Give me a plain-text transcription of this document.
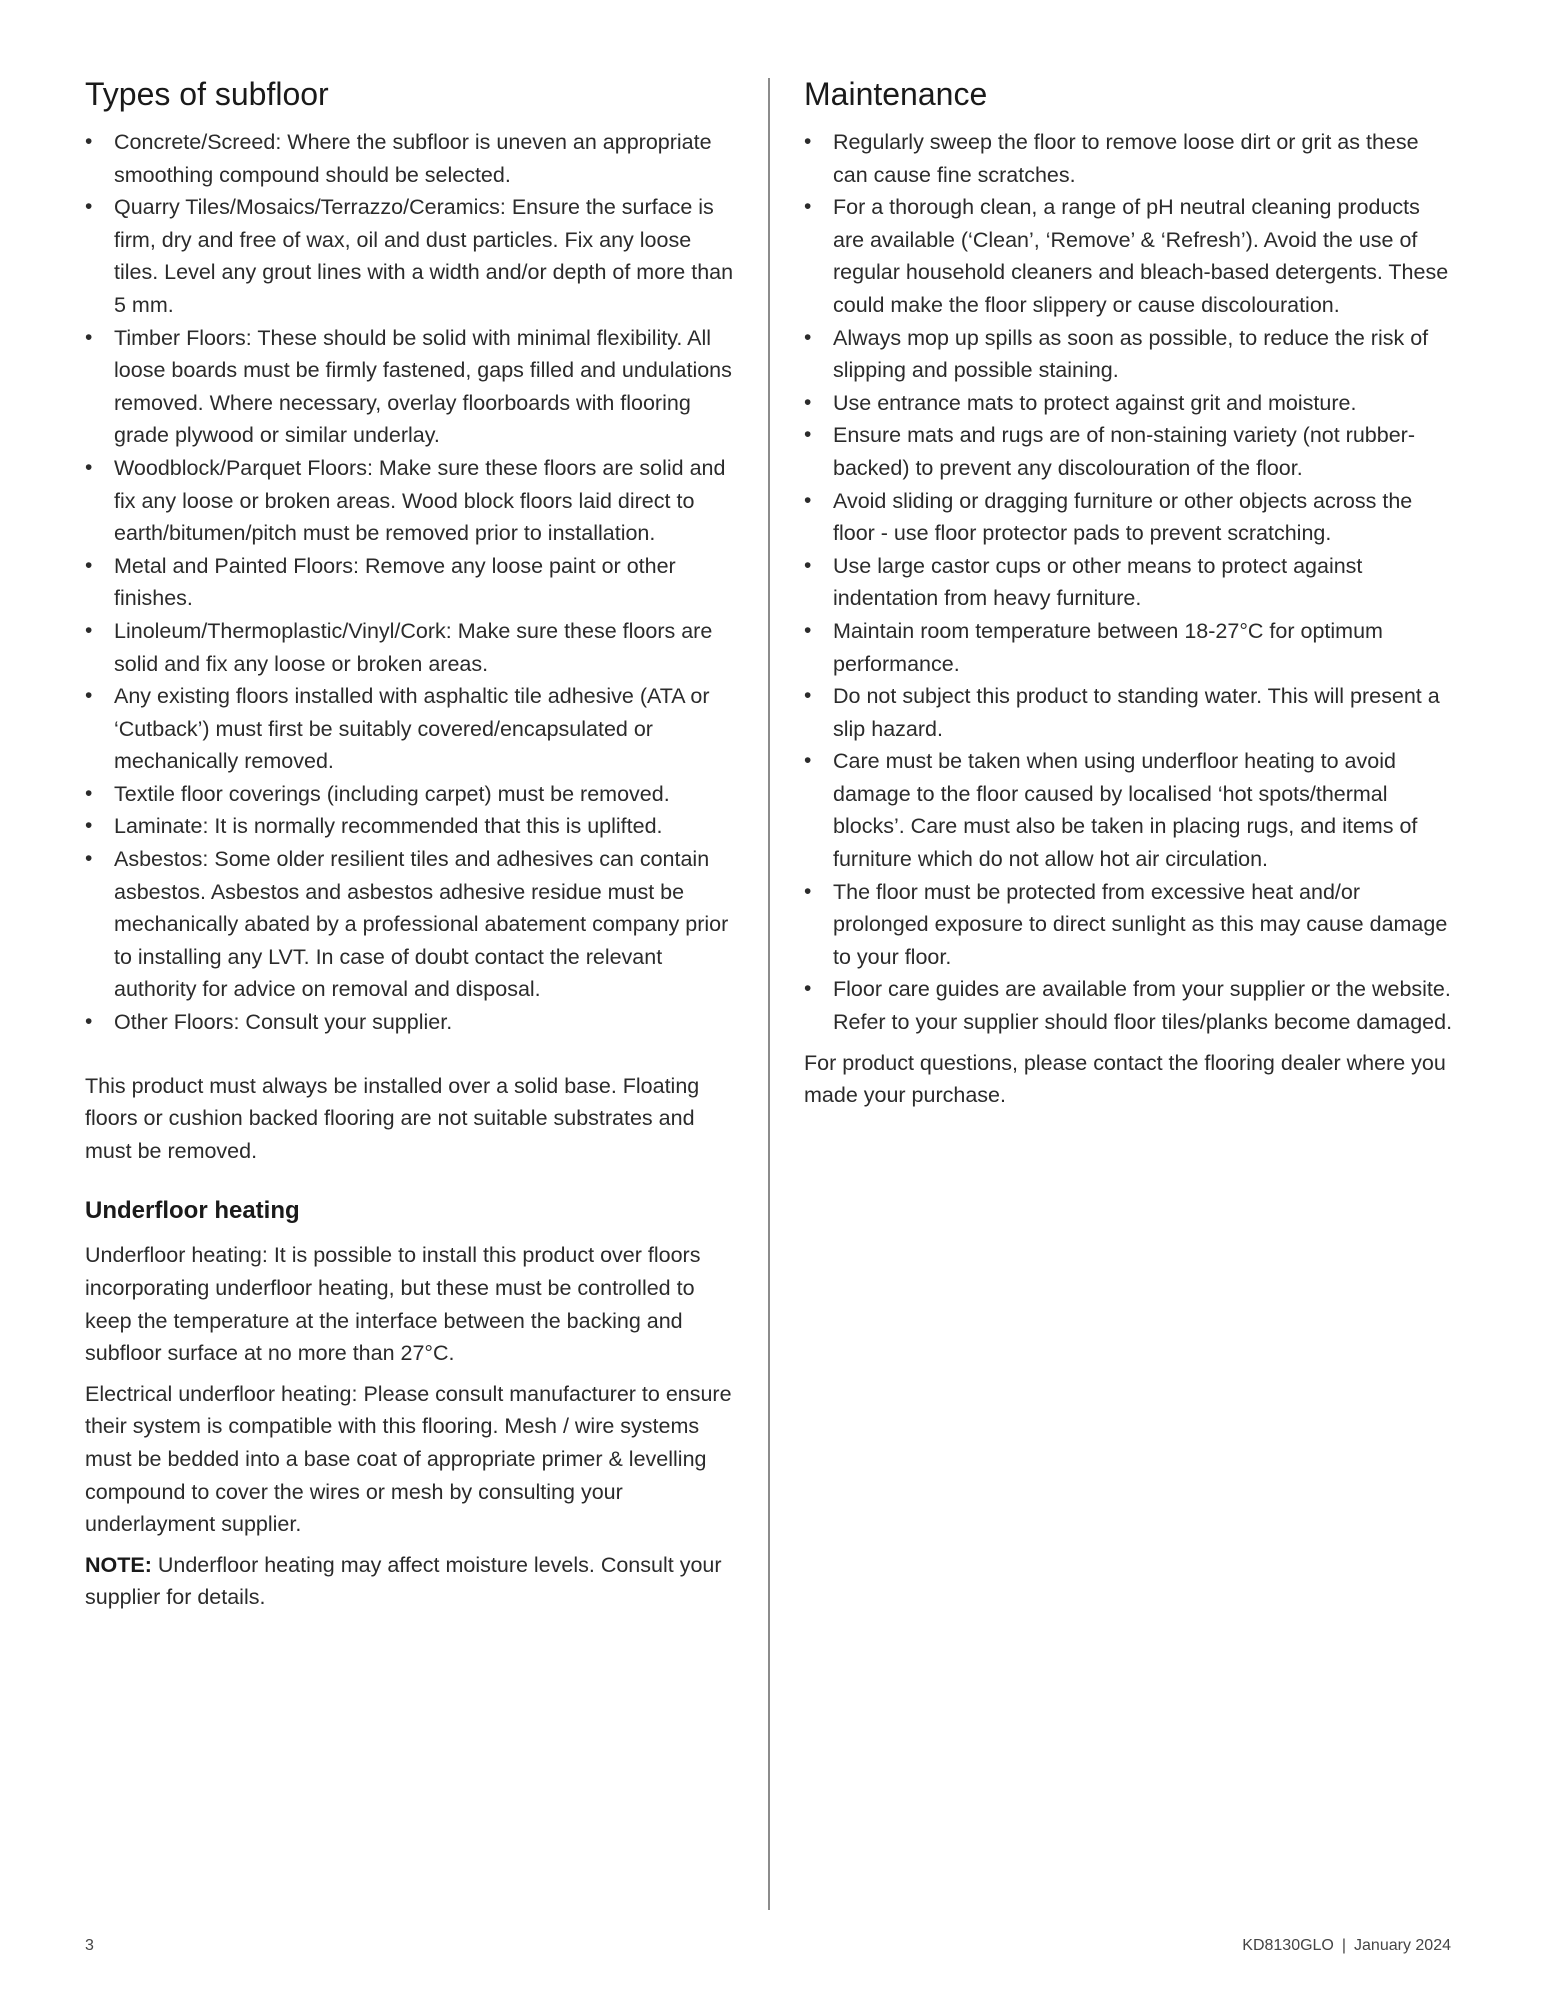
Types of subfloor
• Concrete/Screed: Where the subfloor is uneven an appropriate smoothing compound should be selected.
• Quarry Tiles/Mosaics/Terrazzo/Ceramics: Ensure the surface is firm, dry and free of wax, oil and dust particles. Fix any loose tiles. Level any grout lines with a width and/or depth of more than 5 mm.
• Timber Floors: These should be solid with minimal flexibility. All loose boards must be firmly fastened, gaps filled and undulations removed. Where necessary, overlay floorboards with flooring grade plywood or similar underlay.
• Woodblock/Parquet Floors: Make sure these floors are solid and fix any loose or broken areas. Wood block floors laid direct to earth/bitumen/pitch must be removed prior to installation.
• Metal and Painted Floors: Remove any loose paint or other finishes.
• Linoleum/Thermoplastic/Vinyl/Cork: Make sure these floors are solid and fix any loose or broken areas.
• Any existing floors installed with asphaltic tile adhesive (ATA or ‘Cutback’) must first be suitably covered/encapsulated or mechanically removed.
• Textile floor coverings (including carpet) must be removed.
• Laminate: It is normally recommended that this is uplifted.
• Asbestos: Some older resilient tiles and adhesives can contain asbestos. Asbestos and asbestos adhesive residue must be mechanically abated by a professional abatement company prior to installing any LVT. In case of doubt contact the relevant authority for advice on removal and disposal.
• Other Floors: Consult your supplier.

This product must always be installed over a solid base. Floating floors or cushion backed flooring are not suitable substrates and must be removed.

Underfloor heating

Underfloor heating: It is possible to install this product over floors incorporating underfloor heating, but these must be controlled to keep the temperature at the interface between the backing and subfloor surface at no more than 27°C.

Electrical underfloor heating: Please consult manufacturer to ensure their system is compatible with this flooring. Mesh / wire systems must be bedded into a base coat of appropriate primer & levelling compound to cover the wires or mesh by consulting your underlayment supplier.

NOTE: Underfloor heating may affect moisture levels. Consult your supplier for details.

Maintenance
• Regularly sweep the floor to remove loose dirt or grit as these can cause fine scratches.
• For a thorough clean, a range of pH neutral cleaning products are available (‘Clean’, ‘Remove’ & ‘Refresh’). Avoid the use of regular household cleaners and bleach-based detergents. These could make the floor slippery or cause discolouration.
• Always mop up spills as soon as possible, to reduce the risk of slipping and possible staining.
• Use entrance mats to protect against grit and moisture.
• Ensure mats and rugs are of non-staining variety (not rubber-backed) to prevent any discolouration of the floor.
• Avoid sliding or dragging furniture or other objects across the floor - use floor protector pads to prevent scratching.
• Use large castor cups or other means to protect against indentation from heavy furniture.
• Maintain room temperature between 18-27°C for optimum performance.
• Do not subject this product to standing water. This will present a slip hazard.
• Care must be taken when using underfloor heating to avoid damage to the floor caused by localised ‘hot spots/thermal blocks’. Care must also be taken in placing rugs, and items of furniture which do not allow hot air circulation.
• The floor must be protected from excessive heat and/or prolonged exposure to direct sunlight as this may cause damage to your floor.
• Floor care guides are available from your supplier or the website. Refer to your supplier should floor tiles/planks become damaged.

For product questions, please contact the flooring dealer where you made your purchase.

3	KD8130GLO | January 2024
